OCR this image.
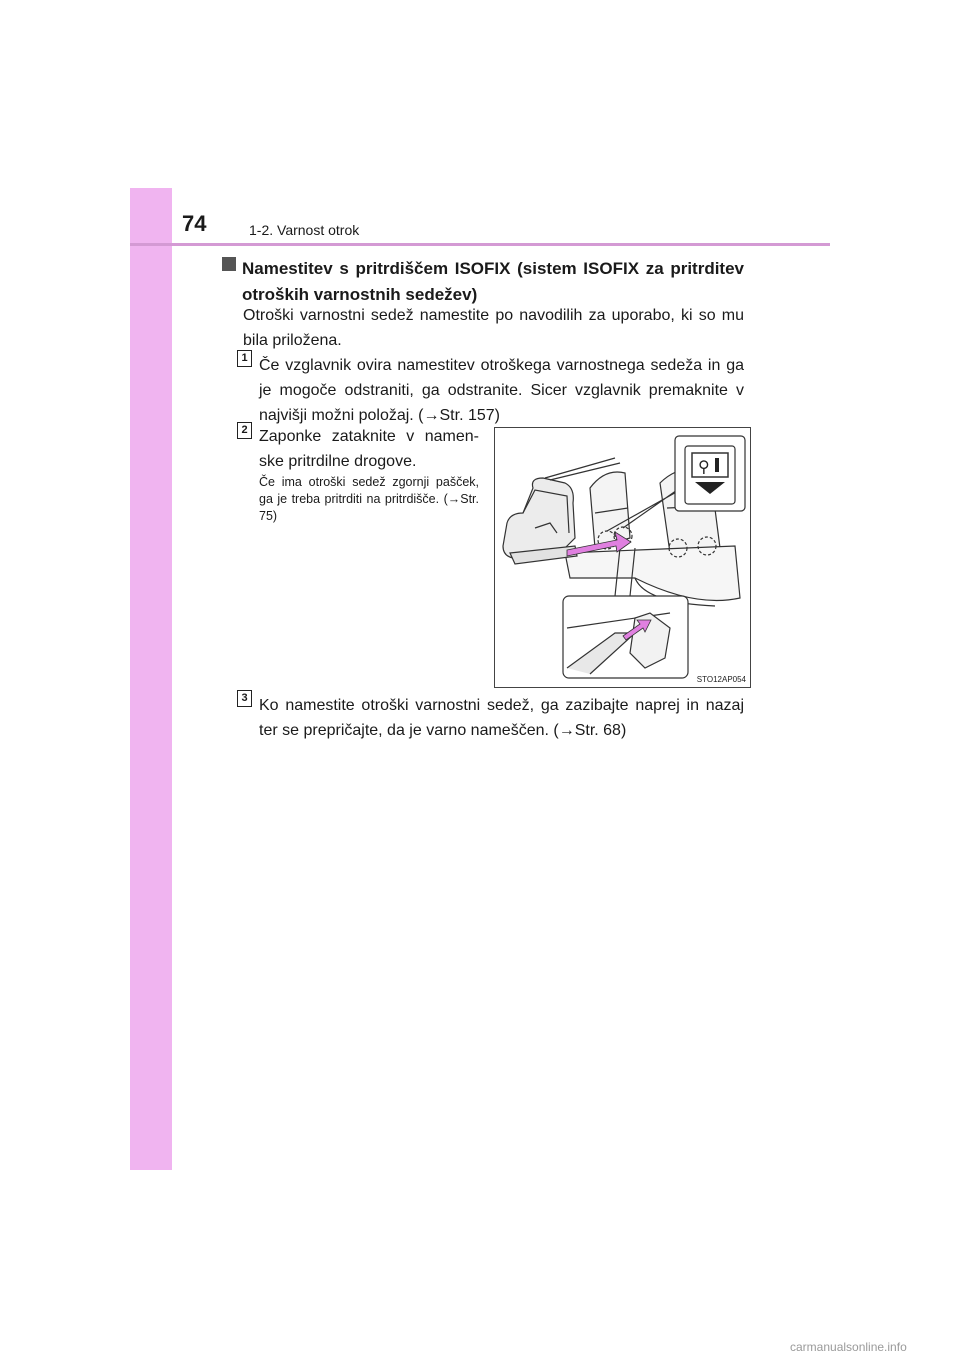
74	1-2. Varnost otrok
Namestitev s pritrdiščem ISOFIX (sistem ISOFIX za pritrditev otroških varnostnih sedežev)
Otroški varnostni sedež namestite po navodilih za uporabo, ki so mu bila priložena.
1 Če vzglavnik ovira namestitev otroškega varnostnega sedeža in ga je mogoče odstraniti, ga odstranite. Sicer vzglavnik premaknite v najvišji možni položaj. (→Str. 157)
2 Zaponke zataknite v namenske pritrdilne drogove.
Če ima otroški sedež zgornji pašček, ga je treba pritrditi na pritrdišče. (→Str. 75)
⚲
STO12AP054
3 Ko namestite otroški varnostni sedež, ga zazibajte naprej in nazaj ter se prepričajte, da je varno nameščen. (→Str. 68)
carmanualsonline.info
